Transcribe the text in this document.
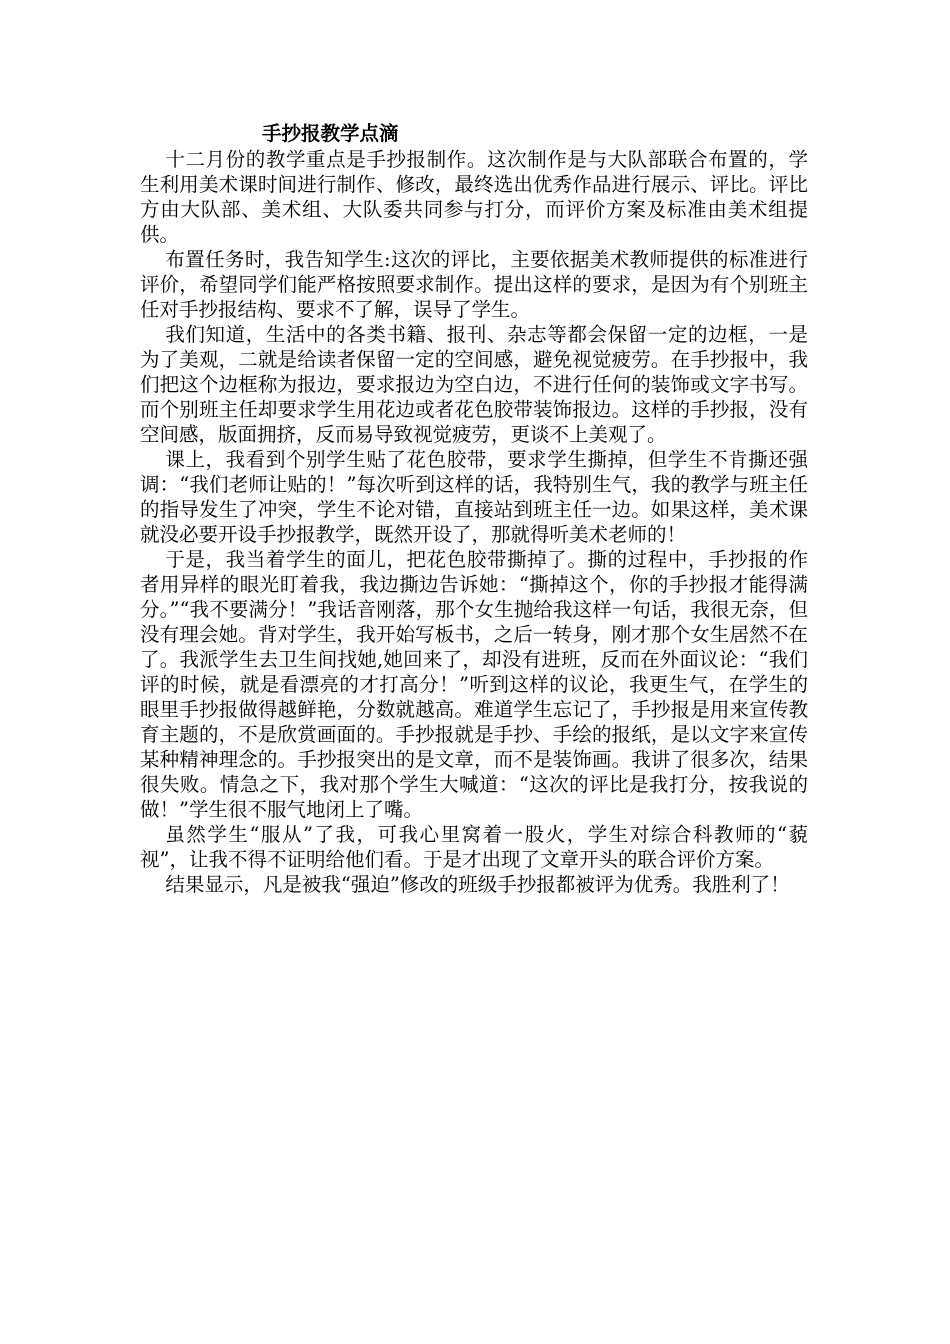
手抄报教学点滴

十二月份的教学重点是手抄报制作。这次制作是与大队部联合布置的，学生利用美术课时间进行制作、修改，最终选出优秀作品进行展示、评比。评比方由大队部、美术组、大队委共同参与打分，而评价方案及标准由美术组提供。

布置任务时，我告知学生:这次的评比，主要依据美术教师提供的标准进行评价，希望同学们能严格按照要求制作。提出这样的要求，是因为有个别班主任对手抄报结构、要求不了解，误导了学生。

我们知道，生活中的各类书籍、报刊、杂志等都会保留一定的边框，一是为了美观，二就是给读者保留一定的空间感，避免视觉疲劳。在手抄报中，我们把这个边框称为报边，要求报边为空白边，不进行任何的装饰或文字书写。而个别班主任却要求学生用花边或者花色胶带装饰报边。这样的手抄报，没有空间感，版面拥挤，反而易导致视觉疲劳，更谈不上美观了。

课上，我看到个别学生贴了花色胶带，要求学生撕掉，但学生不肯撕还强调：“我们老师让贴的！”每次听到这样的话，我特别生气，我的教学与班主任的指导发生了冲突，学生不论对错，直接站到班主任一边。如果这样，美术课就没必要开设手抄报教学，既然开设了，那就得听美术老师的！

于是，我当着学生的面儿，把花色胶带撕掉了。撕的过程中，手抄报的作者用异样的眼光盯着我，我边撕边告诉她：“撕掉这个，你的手抄报才能得满分。”“我不要满分！”我话音刚落，那个女生抛给我这样一句话，我很无奈，但没有理会她。背对学生，我开始写板书，之后一转身，刚才那个女生居然不在了。我派学生去卫生间找她,她回来了，却没有进班，反而在外面议论：“我们评的时候，就是看漂亮的才打高分！”听到这样的议论，我更生气，在学生的眼里手抄报做得越鲜艳，分数就越高。难道学生忘记了，手抄报是用来宣传教育主题的，不是欣赏画面的。手抄报就是手抄、手绘的报纸，是以文字来宣传某种精神理念的。手抄报突出的是文章，而不是装饰画。我讲了很多次，结果很失败。情急之下，我对那个学生大喊道：“这次的评比是我打分，按我说的做！”学生很不服气地闭上了嘴。

虽然学生“服从”了我，可我心里窝着一股火，学生对综合科教师的“藐视”，让我不得不证明给他们看。于是才出现了文章开头的联合评价方案。

结果显示，凡是被我“强迫”修改的班级手抄报都被评为优秀。我胜利了！
